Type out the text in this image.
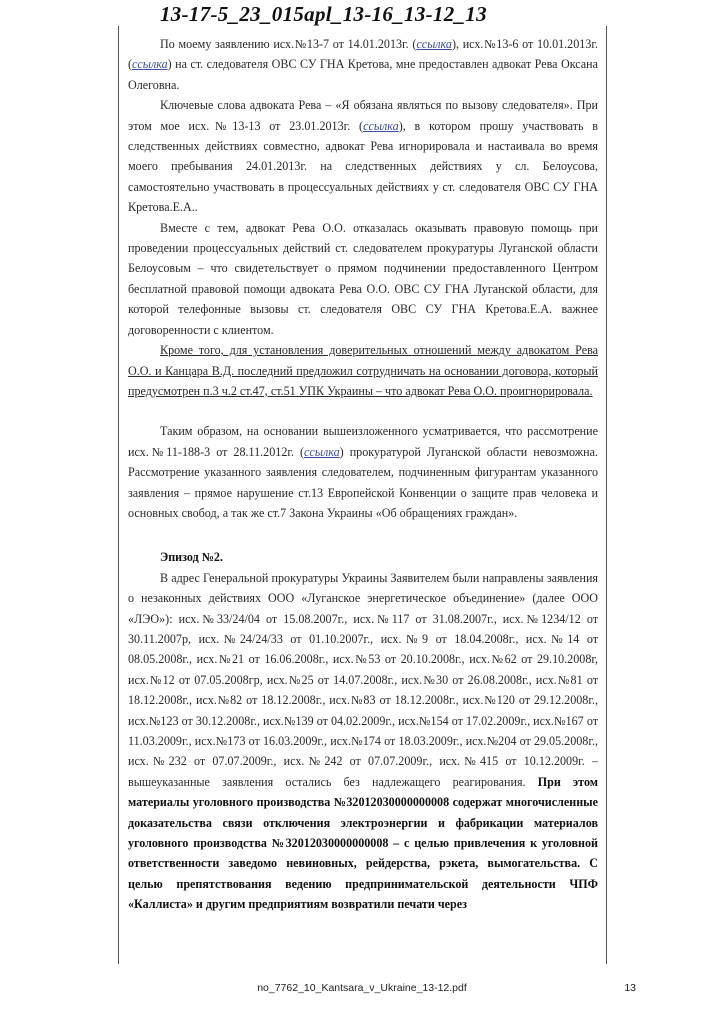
13-17-5_23_015apl_13-16_13-12_13

По моему заявлению исх.№13-7 от 14.01.2013г. (ссылка), исх.№13-6 от 10.01.2013г. (ссылка) на ст. следователя ОВС СУ ГНА Кретова, мне предоставлен адвокат Рева Оксана Олеговна.

Ключевые слова адвоката Рева – «Я обязана являться по вызову следователя». При этом мое исх.№13-13 от 23.01.2013г. (ссылка), в котором прошу участвовать в следственных действиях совместно, адвокат Рева игнорировала и настаивала во время моего пребывания 24.01.2013г. на следственных действиях у сл. Белоусова, самостоятельно участвовать в процессуальных действиях у ст. следователя ОВС СУ ГНА Кретова.Е.А..

Вместе с тем, адвокат Рева О.О. отказалась оказывать правовую помощь при проведении процессуальных действий ст. следователем прокуратуры Луганской области Белоусовым – что свидетельствует о прямом подчинении предоставленного Центром бесплатной правовой помощи адвоката Рева О.О. ОВС СУ ГНА Луганской области, для которой телефонные вызовы ст. следователя ОВС СУ ГНА Кретова.Е.А. важнее договоренности с клиентом.

Кроме того, для установления доверительных отношений между адвокатом Рева О.О. и Канцара В.Д. последний предложил сотрудничать на основании договора, который предусмотрен п.3 ч.2 ст.47, ст.51 УПК Украины – что адвокат Рева О.О. проигнорировала.

Таким образом, на основании вышеизложенного усматривается, что рассмотрение исх.№11-188-3 от 28.11.2012г. (ссылка) прокуратурой Луганской области невозможна. Рассмотрение указанного заявления следователем, подчиненным фигурантам указанного заявления – прямое нарушение ст.13 Европейской Конвенции о защите прав человека и основных свобод, а так же ст.7 Закона Украины «Об обращениях граждан».

Эпизод №2.

В адрес Генеральной прокуратуры Украины Заявителем были направлены заявления о незаконных действиях ООО «Луганское энергетическое объединение» (далее ООО «ЛЭО»): исх.№33/24/04 от 15.08.2007г., исх.№117 от 31.08.2007г., исх.№1234/12 от 30.11.2007р, исх.№24/24/33 от 01.10.2007г., исх.№9 от 18.04.2008г., исх.№14 от 08.05.2008г., исх.№21 от 16.06.2008г., исх.№53 от 20.10.2008г., исх.№62 от 29.10.2008г, исх.№12 от 07.05.2008гр, исх.№25 от 14.07.2008г., исх.№30 от 26.08.2008г., исх.№81 от 18.12.2008г., исх.№82 от 18.12.2008г., исх.№83 от 18.12.2008г., исх.№120 от 29.12.2008г., исх.№123 от 30.12.2008г., исх.№139 от 04.02.2009г., исх.№154 от 17.02.2009г., исх.№167 от 11.03.2009г., исх.№173 от 16.03.2009г., исх.№174 от 18.03.2009г., исх.№204 от 29.05.2008г., исх.№232 от 07.07.2009г., исх.№242 от 07.07.2009г., исх.№415 от 10.12.2009г. – вышеуказанные заявления остались без надлежащего реагирования. При этом материалы уголовного производства №32012030000000008 содержат многочисленные доказательства связи отключения электроэнергии и фабрикации материалов уголовного производства №32012030000000008 – с целью привлечения к уголовной ответственности заведомо невиновных, рейдерства, рэкета, вымогательства. С целью препятствования ведению предпринимательской деятельности ЧПФ «Каллиста» и другим предприятиям возвратили печати через

no_7762_10_Kantsara_v_Ukraine_13-12.pdf	13
